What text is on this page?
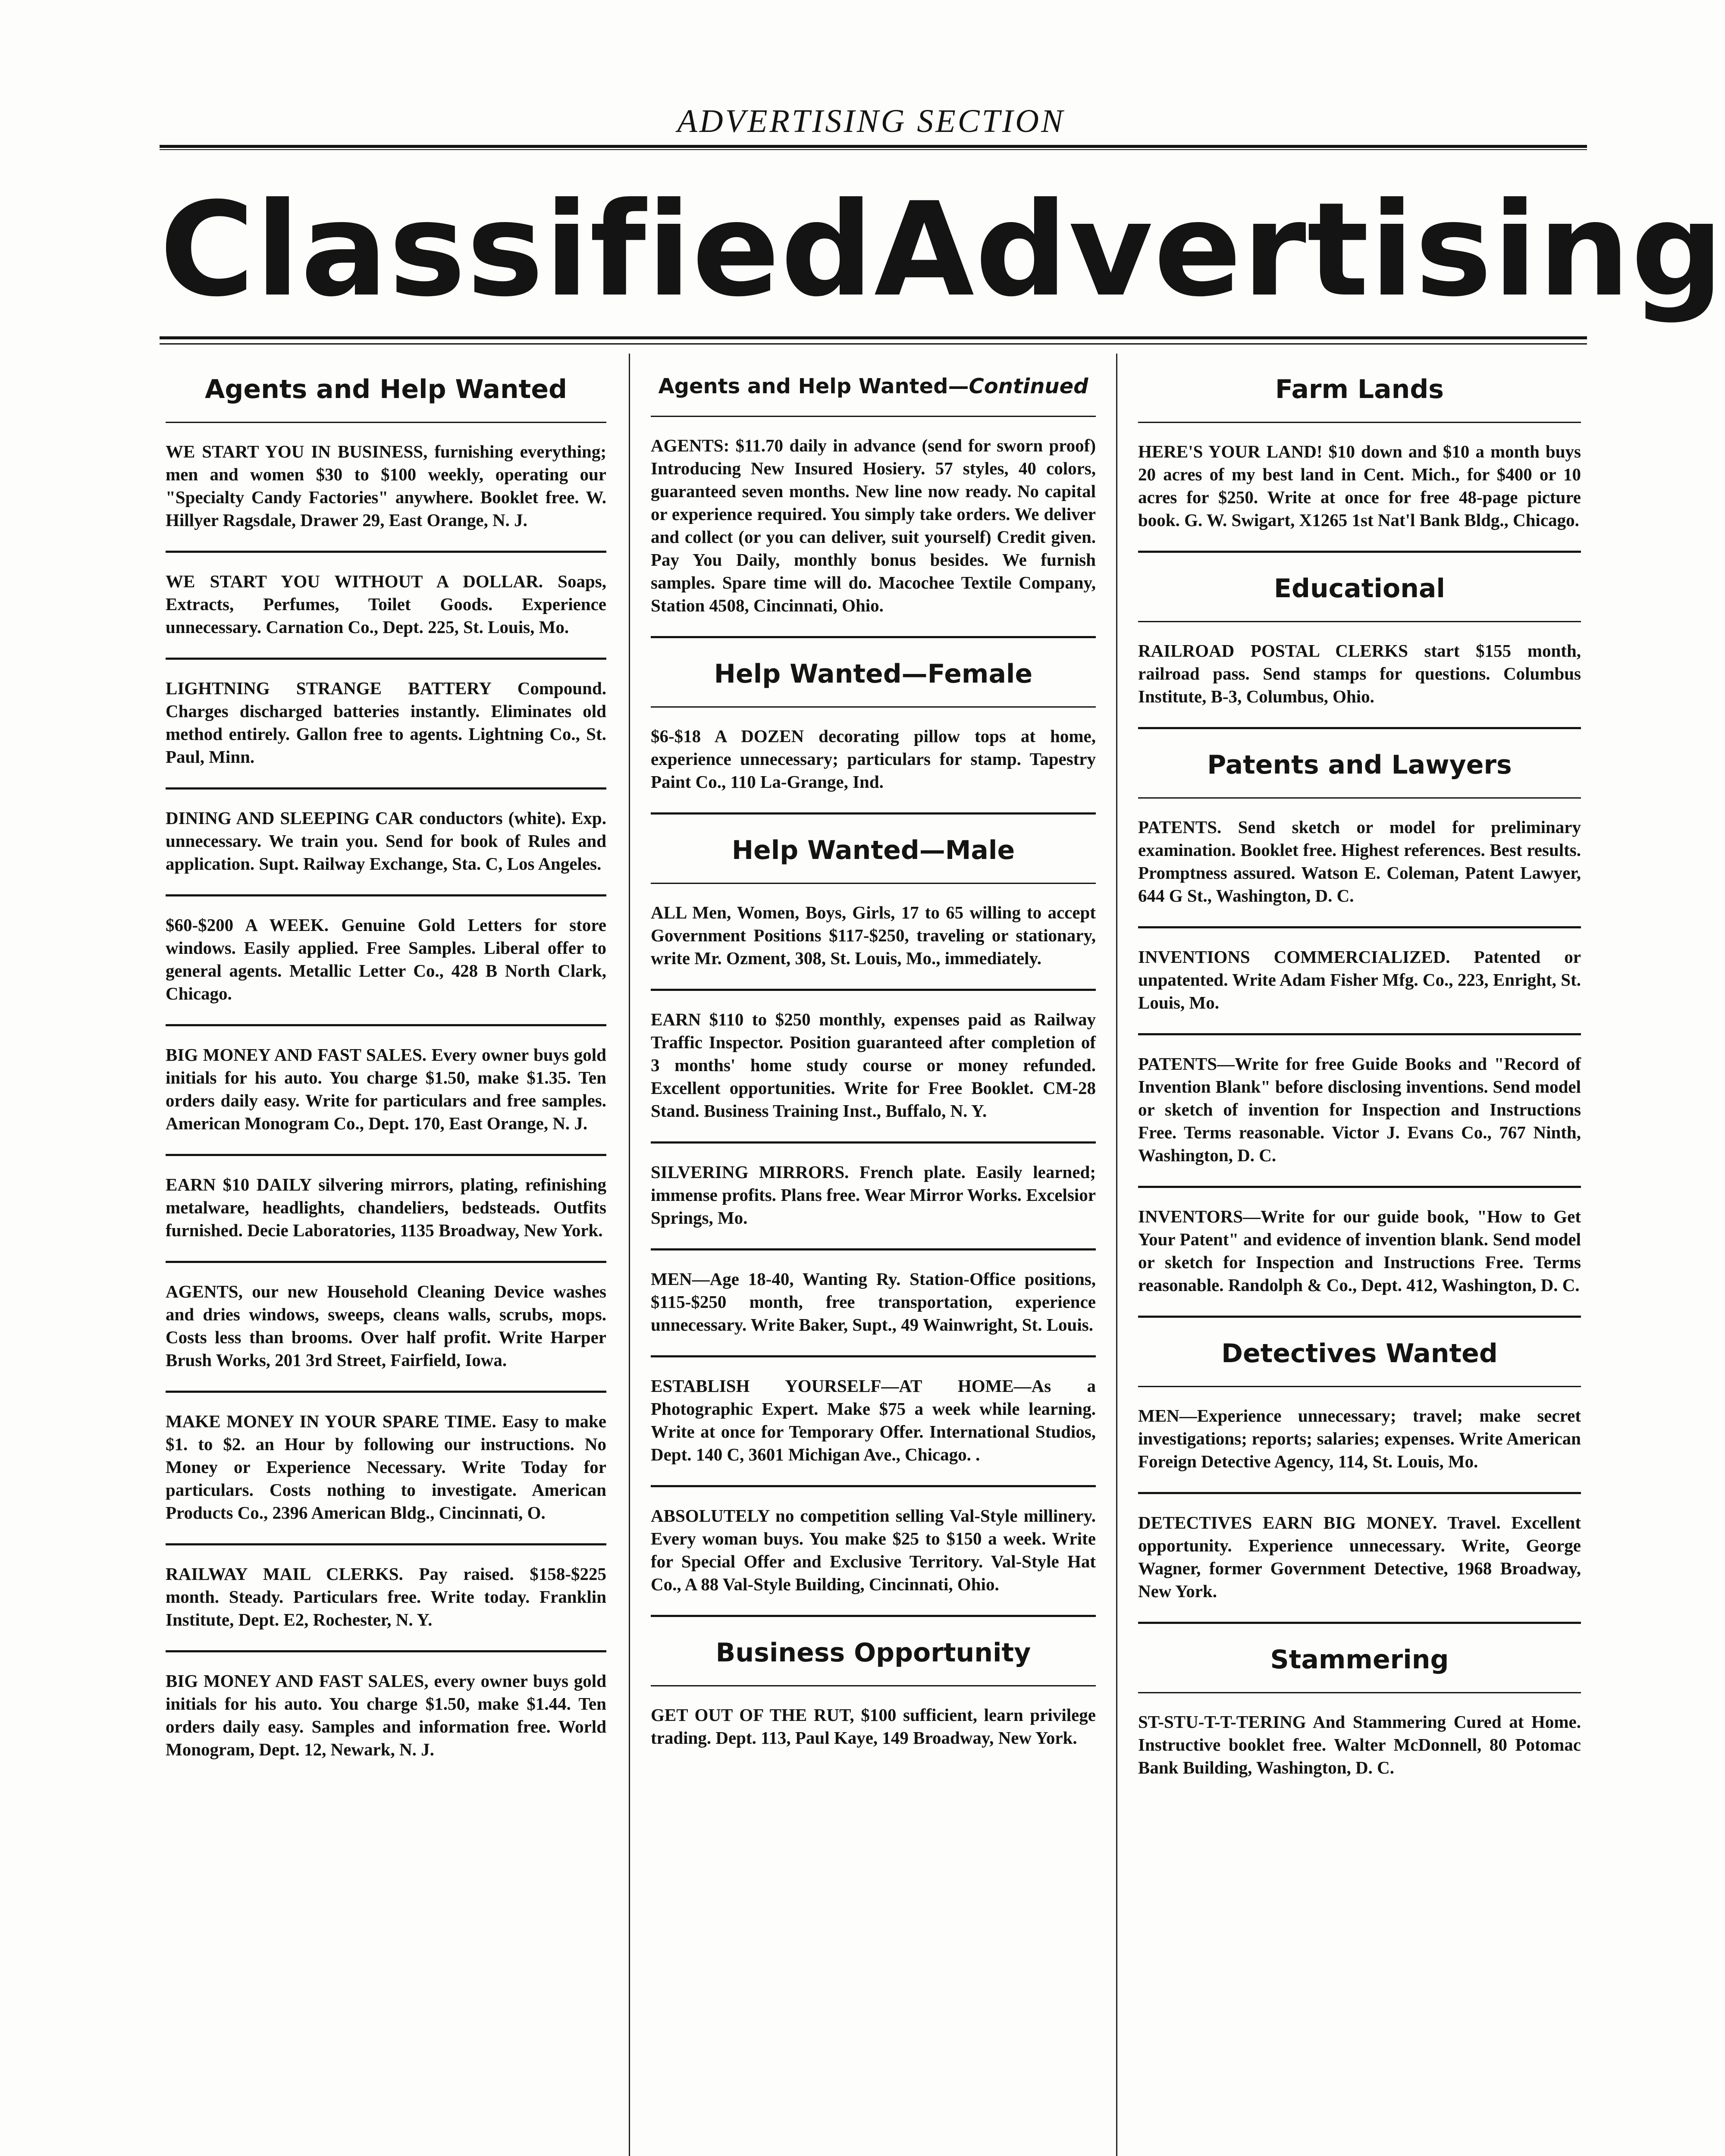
ADVERTISING SECTION
Classified Advertising
Agents and Help Wanted
WE START YOU IN BUSINESS, furnishing everything; men and women $30 to $100 weekly, operating our "Specialty Candy Factories" anywhere. Booklet free. W. Hillyer Ragsdale, Drawer 29, East Orange, N. J.
WE START YOU WITHOUT A DOLLAR. Soaps, Extracts, Perfumes, Toilet Goods. Experience unnecessary. Carnation Co., Dept. 225, St. Louis, Mo.
LIGHTNING STRANGE BATTERY Compound. Charges discharged batteries instantly. Eliminates old method entirely. Gallon free to agents. Lightning Co., St. Paul, Minn.
DINING AND SLEEPING CAR conductors (white). Exp. unnecessary. We train you. Send for book of Rules and application. Supt. Railway Exchange, Sta. C, Los Angeles.
$60-$200 A WEEK. Genuine Gold Letters for store windows. Easily applied. Free Samples. Liberal offer to general agents. Metallic Letter Co., 428 B North Clark, Chicago.
BIG MONEY AND FAST SALES. Every owner buys gold initials for his auto. You charge $1.50, make $1.35. Ten orders daily easy. Write for particulars and free samples. American Monogram Co., Dept. 170, East Orange, N. J.
EARN $10 DAILY silvering mirrors, plating, refinishing metalware, headlights, chandeliers, bedsteads. Outfits furnished. Decie Laboratories, 1135 Broadway, New York.
AGENTS, our new Household Cleaning Device washes and dries windows, sweeps, cleans walls, scrubs, mops. Costs less than brooms. Over half profit. Write Harper Brush Works, 201 3rd Street, Fairfield, Iowa.
MAKE MONEY IN YOUR SPARE TIME. Easy to make $1. to $2. an Hour by following our instructions. No Money or Experience Necessary. Write Today for particulars. Costs nothing to investigate. American Products Co., 2396 American Bldg., Cincinnati, O.
RAILWAY MAIL CLERKS. Pay raised. $158-$225 month. Steady. Particulars free. Write today. Franklin Institute, Dept. E2, Rochester, N. Y.
BIG MONEY AND FAST SALES, every owner buys gold initials for his auto. You charge $1.50, make $1.44. Ten orders daily easy. Samples and information free. World Monogram, Dept. 12, Newark, N. J.
Agents and Help Wanted—Continued
AGENTS: $11.70 daily in advance (send for sworn proof) Introducing New Insured Hosiery. 57 styles, 40 colors, guaranteed seven months. New line now ready. No capital or experience required. You simply take orders. We deliver and collect (or you can deliver, suit yourself) Credit given. Pay You Daily, monthly bonus besides. We furnish samples. Spare time will do. Macochee Textile Company, Station 4508, Cincinnati, Ohio.
Help Wanted—Female
$6-$18 A DOZEN decorating pillow tops at home, experience unnecessary; particulars for stamp. Tapestry Paint Co., 110 La-Grange, Ind.
Help Wanted—Male
ALL Men, Women, Boys, Girls, 17 to 65 willing to accept Government Positions $117-$250, traveling or stationary, write Mr. Ozment, 308, St. Louis, Mo., immediately.
EARN $110 to $250 monthly, expenses paid as Railway Traffic Inspector. Position guaranteed after completion of 3 months' home study course or money refunded. Excellent opportunities. Write for Free Booklet. CM-28 Stand. Business Training Inst., Buffalo, N. Y.
SILVERING MIRRORS. French plate. Easily learned; immense profits. Plans free. Wear Mirror Works. Excelsior Springs, Mo.
MEN—Age 18-40, Wanting Ry. Station-Office positions, $115-$250 month, free transportation, experience unnecessary. Write Baker, Supt., 49 Wainwright, St. Louis.
ESTABLISH YOURSELF—AT HOME—As a Photographic Expert. Make $75 a week while learning. Write at once for Temporary Offer. International Studios, Dept. 140 C, 3601 Michigan Ave., Chicago. .
ABSOLUTELY no competition selling Val-Style millinery. Every woman buys. You make $25 to $150 a week. Write for Special Offer and Exclusive Territory. Val-Style Hat Co., A 88 Val-Style Building, Cincinnati, Ohio.
Business Opportunity
GET OUT OF THE RUT, $100 sufficient, learn privilege trading. Dept. 113, Paul Kaye, 149 Broadway, New York.
Farm Lands
HERE'S YOUR LAND! $10 down and $10 a month buys 20 acres of my best land in Cent. Mich., for $400 or 10 acres for $250. Write at once for free 48-page picture book. G. W. Swigart, X1265 1st Nat'l Bank Bldg., Chicago.
Educational
RAILROAD POSTAL CLERKS start $155 month, railroad pass. Send stamps for questions. Columbus Institute, B-3, Columbus, Ohio.
Patents and Lawyers
PATENTS. Send sketch or model for preliminary examination. Booklet free. Highest references. Best results. Promptness assured. Watson E. Coleman, Patent Lawyer, 644 G St., Washington, D. C.
INVENTIONS COMMERCIALIZED. Patented or unpatented. Write Adam Fisher Mfg. Co., 223, Enright, St. Louis, Mo.
PATENTS—Write for free Guide Books and "Record of Invention Blank" before disclosing inventions. Send model or sketch of invention for Inspection and Instructions Free. Terms reasonable. Victor J. Evans Co., 767 Ninth, Washington, D. C.
INVENTORS—Write for our guide book, "How to Get Your Patent" and evidence of invention blank. Send model or sketch for Inspection and Instructions Free. Terms reasonable. Randolph & Co., Dept. 412, Washington, D. C.
Detectives Wanted
MEN—Experience unnecessary; travel; make secret investigations; reports; salaries; expenses. Write American Foreign Detective Agency, 114, St. Louis, Mo.
DETECTIVES EARN BIG MONEY. Travel. Excellent opportunity. Experience unnecessary. Write, George Wagner, former Government Detective, 1968 Broadway, New York.
Stammering
ST-STU-T-T-TERING And Stammering Cured at Home. Instructive booklet free. Walter McDonnell, 80 Potomac Bank Building, Washington, D. C.
